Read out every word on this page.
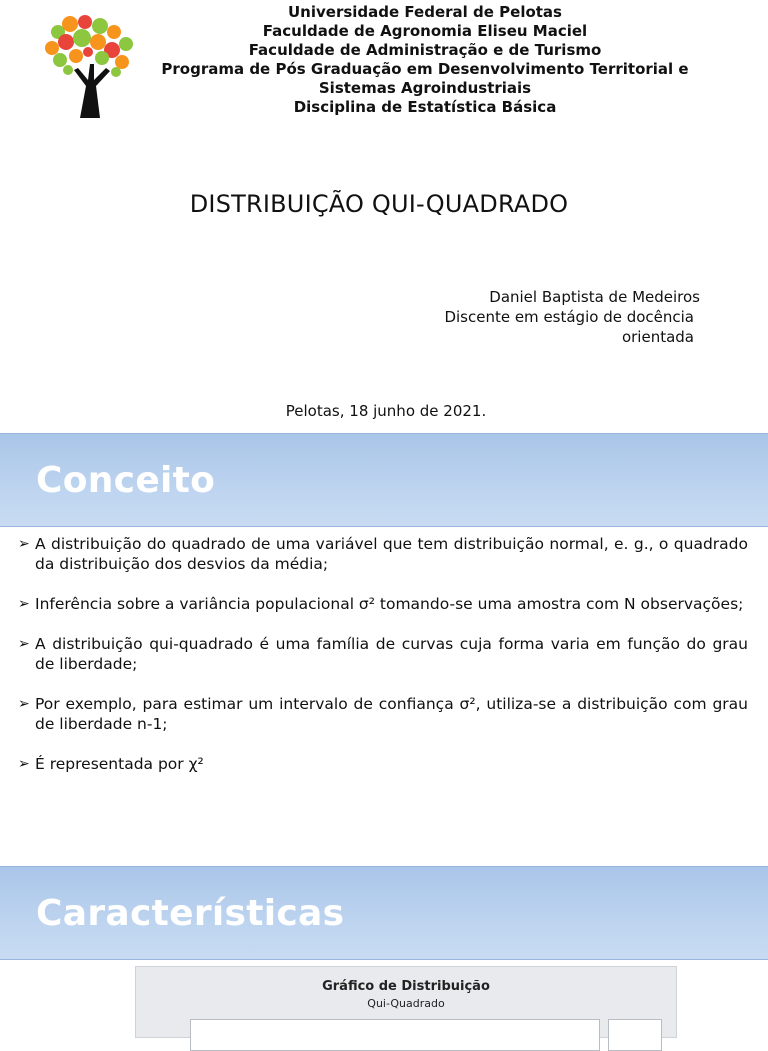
Universidade Federal de Pelotas
Faculdade de Agronomia Eliseu Maciel
Faculdade de Administração e de Turismo
Programa de Pós Graduação em Desenvolvimento Territorial e
Sistemas Agroindustriais
Disciplina de Estatística Básica
DISTRIBUIÇÃO QUI-QUADRADO
Daniel Baptista de Medeiros
Discente em estágio de docência orientada
Pelotas, 18 junho de 2021.
Conceito
➢ A distribuição do quadrado de uma variável que tem distribuição normal, e. g., o quadrado da distribuição dos desvios da média;
➢ Inferência sobre a variância populacional σ² tomando-se uma amostra com N observações;
➢ A distribuição qui-quadrado é uma família de curvas cuja forma varia em função do grau de liberdade;
➢ Por exemplo, para estimar um intervalo de confiança σ², utiliza-se a distribuição com grau de liberdade n-1;
➢ É representada por χ²
Características
Gráfico de Distribuição
Qui-Quadrado
